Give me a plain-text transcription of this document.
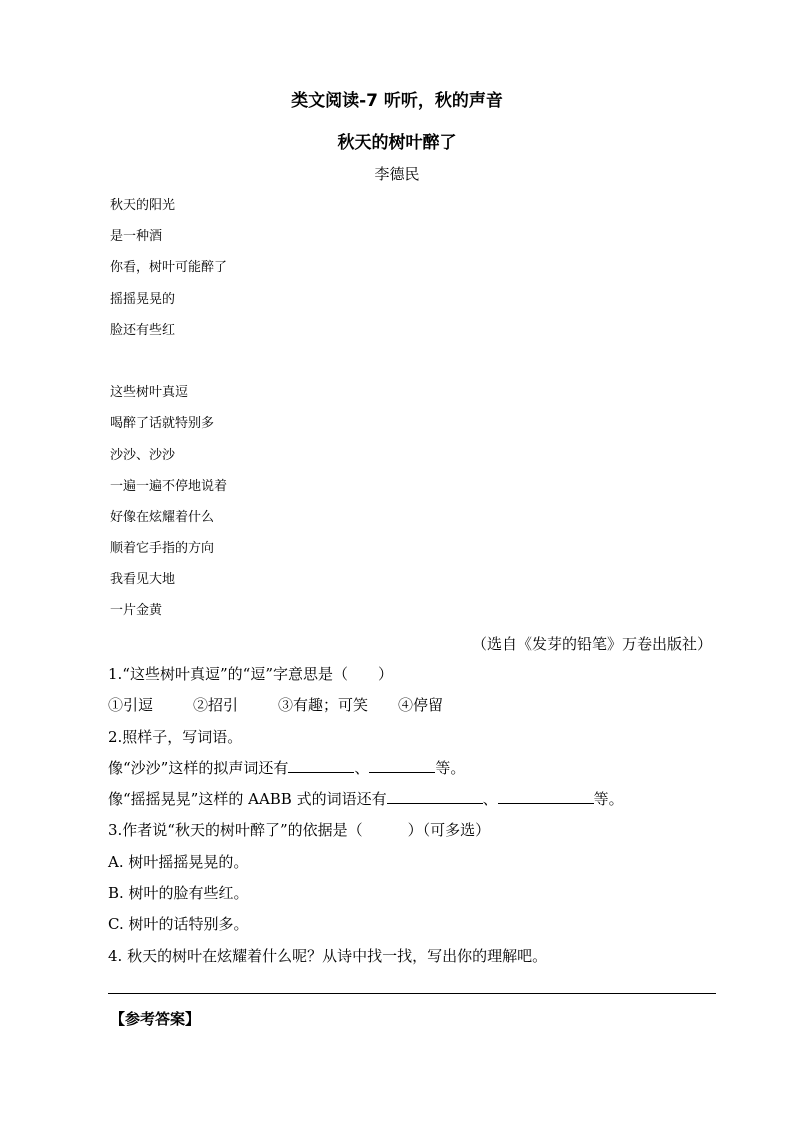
类文阅读-7 听听，秋的声音
秋天的树叶醉了
李德民
秋天的阳光
是一种酒
你看，树叶可能醉了
摇摇晃晃的
脸还有些红
这些树叶真逗
喝醉了话就特别多
沙沙、沙沙
一遍一遍不停地说着
好像在炫耀着什么
顺着它手指的方向
我看见大地
一片金黄
（选自《发芽的铅笔》万卷出版社）
1.“这些树叶真逗”的“逗”字意思是（　　）
①引逗	②招引	③有趣；可笑 ④停留
2.照样子，写词语。
像“沙沙”这样的拟声词还有	、	等。
像“摇摇晃晃”这样的 AABB 式的词语还有	、	等。
3.作者说“秋天的树叶醉了”的依据是（　　　）（可多选）
A. 树叶摇摇晃晃的。
B. 树叶的脸有些红。
C. 树叶的话特别多。
4. 秋天的树叶在炫耀着什么呢？从诗中找一找，写出你的理解吧。
【参考答案】
